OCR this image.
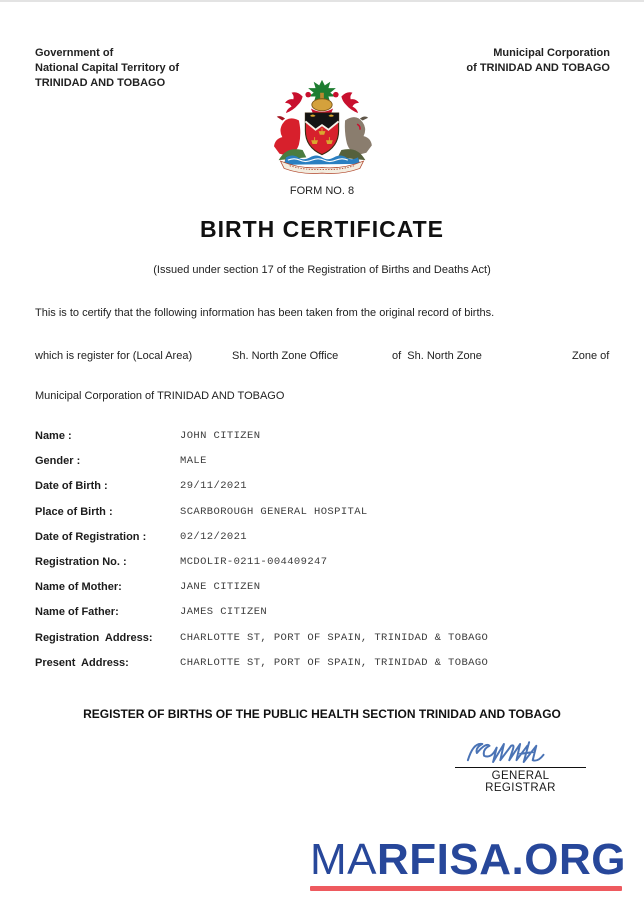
Government of
National Capital Territory of
TRINIDAD AND TOBAGO
Municipal Corporation
of TRINIDAD AND TOBAGO
FORM NO. 8
BIRTH CERTIFICATE
(Issued under section 17 of the Registration of Births and Deaths Act)
This is to certify that the following information has been taken from the original record of births.
which is register for (Local Area)	Sh. North Zone Office	of  Sh. North Zone	Zone of
Municipal Corporation of TRINIDAD AND TOBAGO
Name :	JOHN CITIZEN
Gender :	MALE
Date of Birth :	29/11/2021
Place of Birth :	SCARBOROUGH GENERAL HOSPITAL
Date of Registration :	02/12/2021
Registration No. :	MCDOLIR-0211-004409247
Name of Mother:	JANE CITIZEN
Name of Father:	JAMES CITIZEN
Registration  Address:	CHARLOTTE ST, PORT OF SPAIN, TRINIDAD & TOBAGO
Present  Address:	CHARLOTTE ST, PORT OF SPAIN, TRINIDAD & TOBAGO
REGISTER OF BIRTHS OF THE PUBLIC HEALTH SECTION TRINIDAD AND TOBAGO
GENERAL REGISTRAR
MARFISA.ORG
